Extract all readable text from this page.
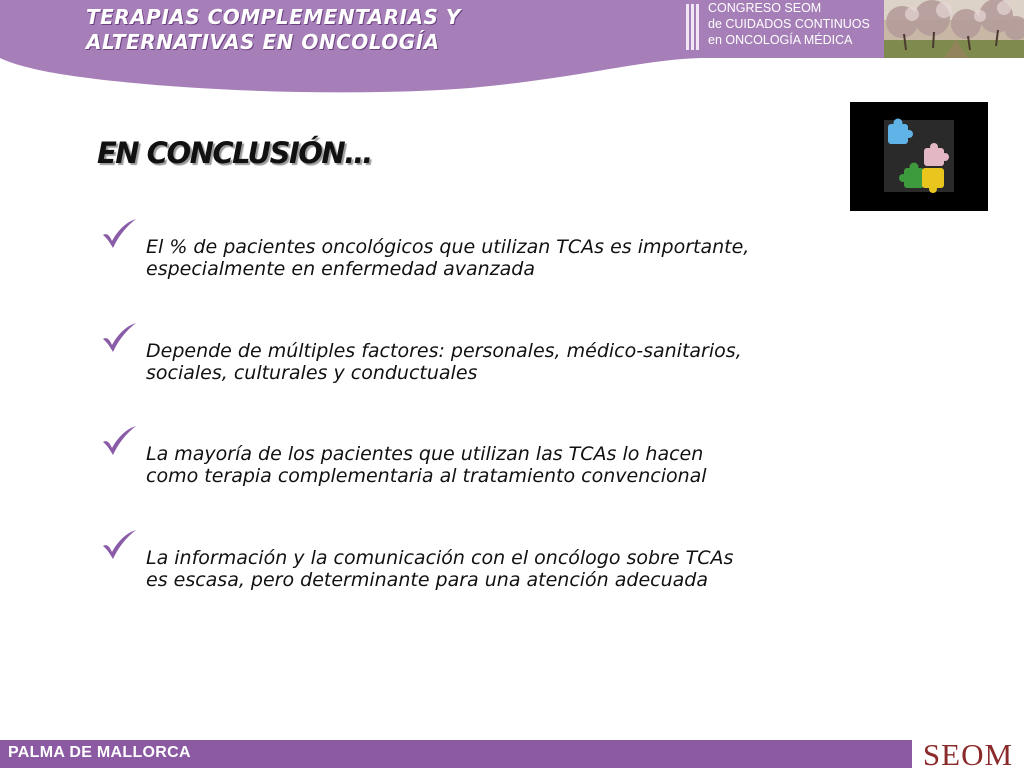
TERAPIAS COMPLEMENTARIAS Y
ALTERNATIVAS EN ONCOLOGÍA

CONGRESO SEOM
de CUIDADOS CONTINUOS
en ONCOLOGÍA MÉDICA

EN CONCLUSIÓN…

El % de pacientes oncológicos que utilizan TCAs es importante,
especialmente en enfermedad avanzada

Depende de múltiples factores: personales, médico-sanitarios,
sociales, culturales y conductuales

La mayoría de los pacientes que utilizan las TCAs lo hacen
como terapia complementaria al tratamiento convencional

La información y la comunicación con el oncólogo sobre TCAs
es escasa, pero determinante para una atención adecuada

PALMA DE MALLORCA	SEOM
